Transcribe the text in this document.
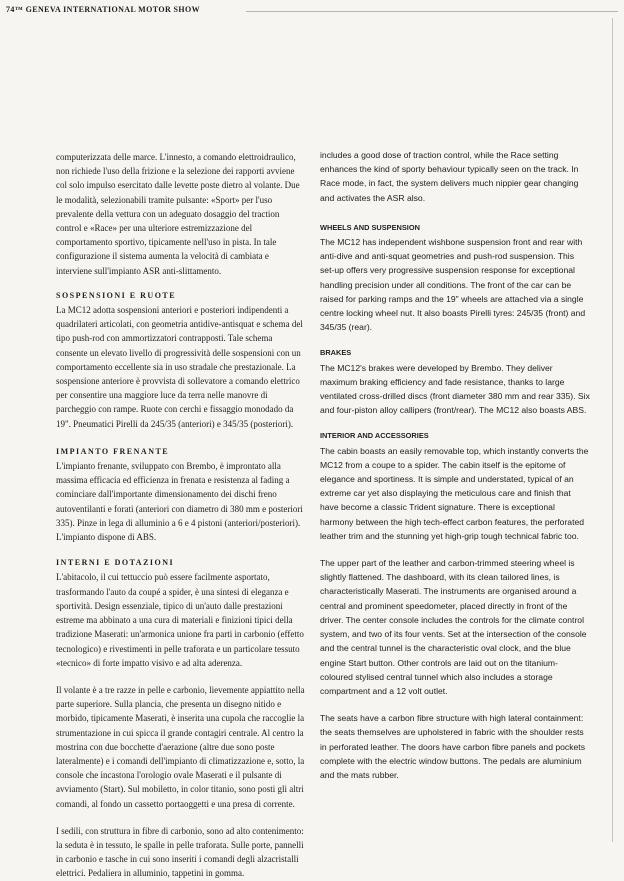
74™ GENEVA INTERNATIONAL MOTOR SHOW

computerizzata delle marce. L'innesto, a comando elettroidraulico, non richiede l'uso della frizione e la selezione dei rapporti avviene col solo impulso esercitato dalle levette poste dietro al volante. Due le modalità, selezionabili tramite pulsante: «Sport» per l'uso prevalente della vettura con un adeguato dosaggio del traction control e «Race» per una ulteriore estremizzazione del comportamento sportivo, tipicamente nell'uso in pista. In tale configurazione il sistema aumenta la velocità di cambiata e interviene sull'impianto ASR anti-slittamento.

SOSPENSIONI E RUOTE

La MC12 adotta sospensioni anteriori e posteriori indipendenti a quadrilateri articolati, con geometria antidive-antisquat e schema del tipo push-rod con ammortizzatori contrapposti. Tale schema consente un elevato livello di progressività delle sospensioni con un comportamento eccellente sia in uso stradale che prestazionale. La sospensione anteriore è provvista di sollevatore a comando elettrico per consentire una maggiore luce da terra nelle manovre di parcheggio con rampe. Ruote con cerchi e fissaggio monodado da 19". Pneumatici Pirelli da 245/35 (anteriori) e 345/35 (posteriori).

IMPIANTO FRENANTE

L'impianto frenante, sviluppato con Brembo, è improntato alla massima efficacia ed efficienza in frenata e resistenza al fading a cominciare dall'importante dimensionamento dei dischi freno autoventilanti e forati (anteriori con diametro di 380 mm e posteriori 335). Pinze in lega di alluminio a 6 e 4 pistoni (anteriori/posteriori). L'impianto dispone di ABS.

INTERNI E DOTAZIONI

L'abitacolo, il cui tettuccio può essere facilmente asportato, trasformando l'auto da coupé a spider, è una sintesi di eleganza e sportività. Design essenziale, tipico di un'auto dalle prestazioni estreme ma abbinato a una cura di materiali e finizioni tipici della tradizione Maserati: un'armonica unione fra parti in carbonio (effetto tecnologico) e rivestimenti in pelle traforata e un particolare tessuto «tecnico» di forte impatto visivo e ad alta aderenza.

Il volante è a tre razze in pelle e carbonio, lievemente appiattito nella parte superiore. Sulla plancia, che presenta un disegno nitido e morbido, tipicamente Maserati, è inserita una cupola che raccoglie la strumentazione in cui spicca il grande contagiri centrale. Al centro la mostrina con due bocchette d'aerazione (altre due sono poste lateralmente) e i comandi dell'impianto di climatizzazione e, sotto, la console che incastona l'orologio ovale Maserati e il pulsante di avviamento (Start). Sul mobiletto, in color titanio, sono posti gli altri comandi, al fondo un cassetto portaoggetti e una presa di corrente.

I sedili, con struttura in fibre di carbonio, sono ad alto contenimento: la seduta è in tessuto, le spalle in pelle traforata. Sulle porte, pannelli in carbonio e tasche in cui sono inseriti i comandi degli alzacristalli elettrici. Pedaliera in alluminio, tappetini in gomma.

includes a good dose of traction control, while the Race setting enhances the kind of sporty behaviour typically seen on the track. In Race mode, in fact, the system delivers much nippier gear changing and activates the ASR also.

WHEELS AND SUSPENSION

The MC12 has independent wishbone suspension front and rear with anti-dive and anti-squat geometries and push-rod suspension. This set-up offers very progressive suspension response for exceptional handling precision under all conditions. The front of the car can be raised for parking ramps and the 19" wheels are attached via a single centre locking wheel nut. It also boasts Pirelli tyres: 245/35 (front) and 345/35 (rear).

BRAKES

The MC12's brakes were developed by Brembo. They deliver maximum braking efficiency and fade resistance, thanks to large ventilated cross-drilled discs (front diameter 380 mm and rear 335). Six and four-piston alloy callipers (front/rear). The MC12 also boasts ABS.

INTERIOR AND ACCESSORIES

The cabin boasts an easily removable top, which instantly converts the MC12 from a coupe to a spider. The cabin itself is the epitome of elegance and sportiness. It is simple and understated, typical of an extreme car yet also displaying the meticulous care and finish that have become a classic Trident signature. There is exceptional harmony between the high tech-effect carbon features, the perforated leather trim and the stunning yet high-grip tough technical fabric too.

The upper part of the leather and carbon-trimmed steering wheel is slightly flattened. The dashboard, with its clean tailored lines, is characteristically Maserati. The instruments are organised around a central and prominent speedometer, placed directly in front of the driver. The center console includes the controls for the climate control system, and two of its four vents. Set at the intersection of the console and the central tunnel is the characteristic oval clock, and the blue engine Start button. Other controls are laid out on the titanium-coloured stylised central tunnel which also includes a storage compartment and a 12 volt outlet.

The seats have a carbon fibre structure with high lateral containment: the seats themselves are upholstered in fabric with the shoulder rests in perforated leather. The doors have carbon fibre panels and pockets complete with the electric window buttons. The pedals are aluminium and the mats rubber.
